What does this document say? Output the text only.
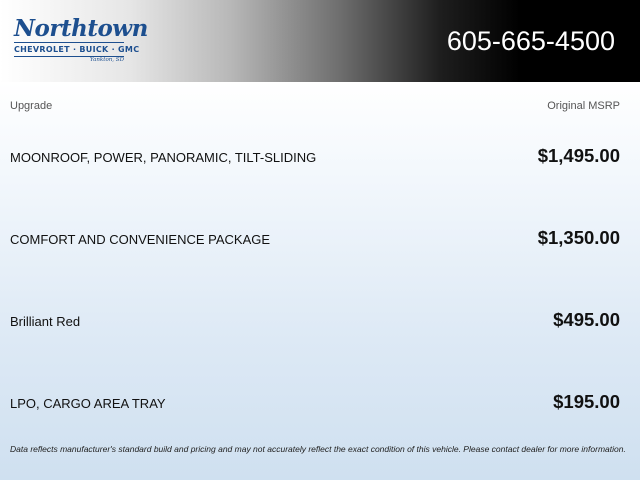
Northtown
CHEVROLET · BUICK · GMC
Yankton, SD
605-665-4500
Upgrade	Original MSRP
MOONROOF, POWER, PANORAMIC, TILT-SLIDING	$1,495.00
COMFORT AND CONVENIENCE PACKAGE	$1,350.00
Brilliant Red	$495.00
LPO, CARGO AREA TRAY	$195.00
Data reflects manufacturer's standard build and pricing and may not accurately reflect the exact condition of this vehicle. Please contact dealer for more information.
